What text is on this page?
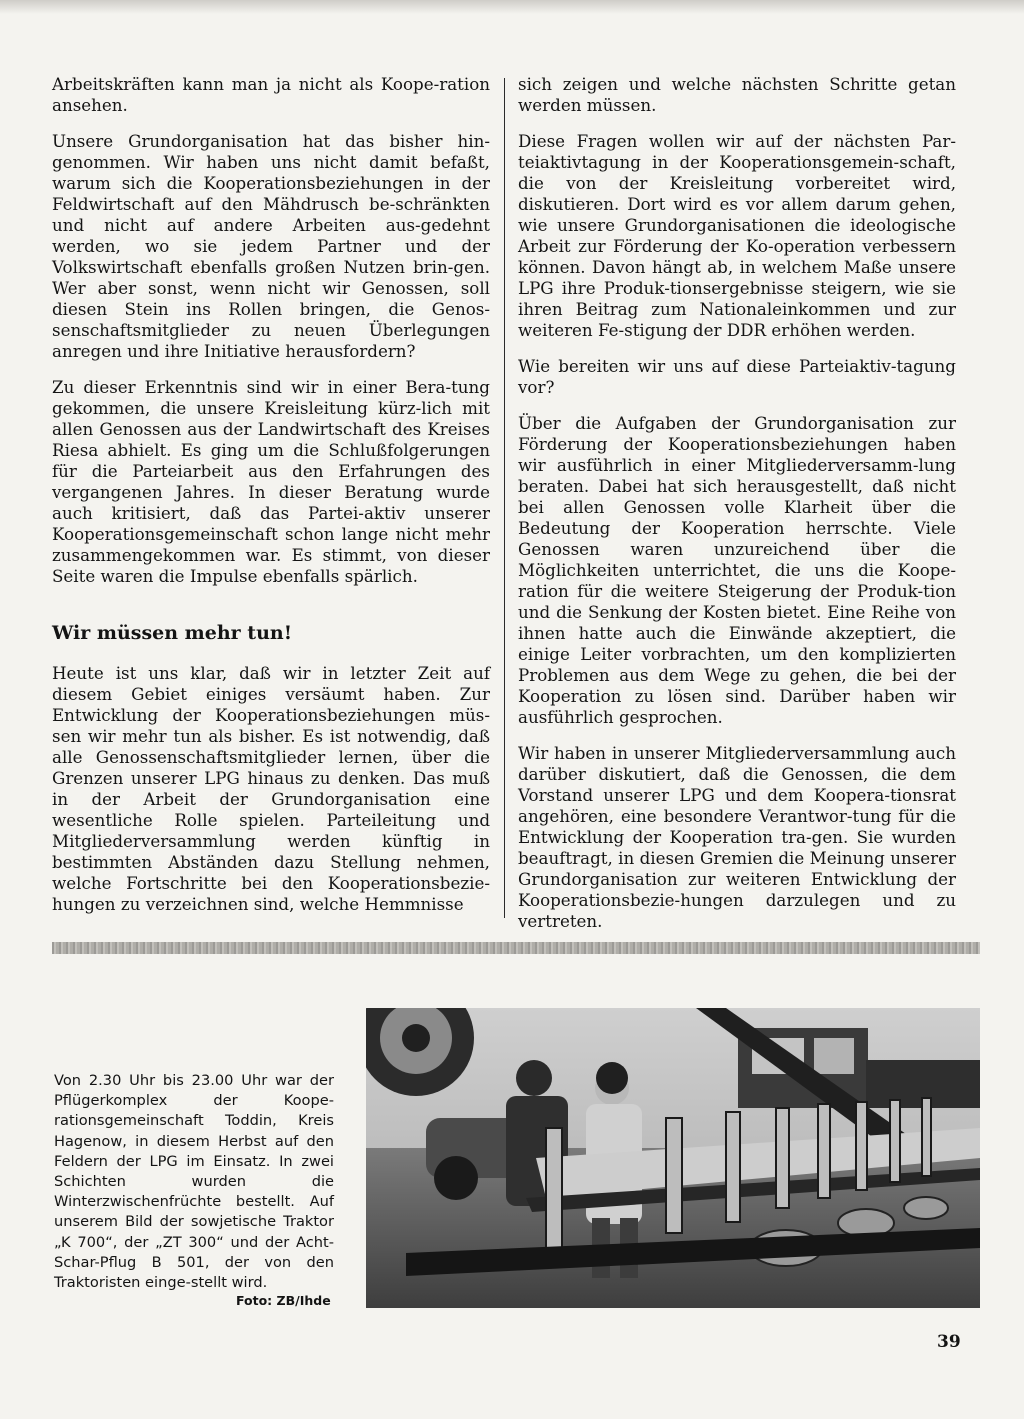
Arbeitskräften kann man ja nicht als Koope-ration ansehen.

Unsere Grundorganisation hat das bisher hin-genommen. Wir haben uns nicht damit befaßt, warum sich die Kooperationsbeziehungen in der Feldwirtschaft auf den Mähdrusch be-schränkten und nicht auf andere Arbeiten aus-gedehnt werden, wo sie jedem Partner und der Volkswirtschaft ebenfalls großen Nutzen brin-gen. Wer aber sonst, wenn nicht wir Genossen, soll diesen Stein ins Rollen bringen, die Genos-senschaftsmitglieder zu neuen Überlegungen anregen und ihre Initiative herausfordern?

Zu dieser Erkenntnis sind wir in einer Bera-tung gekommen, die unsere Kreisleitung kürz-lich mit allen Genossen aus der Landwirtschaft des Kreises Riesa abhielt. Es ging um die Schlußfolgerungen für die Parteiarbeit aus den Erfahrungen des vergangenen Jahres. In dieser Beratung wurde auch kritisiert, daß das Partei-aktiv unserer Kooperationsgemeinschaft schon lange nicht mehr zusammengekommen war. Es stimmt, von dieser Seite waren die Impulse ebenfalls spärlich.

Wir müssen mehr tun!

Heute ist uns klar, daß wir in letzter Zeit auf diesem Gebiet einiges versäumt haben. Zur Entwicklung der Kooperationsbeziehungen müs-sen wir mehr tun als bisher. Es ist notwendig, daß alle Genossenschaftsmitglieder lernen, über die Grenzen unserer LPG hinaus zu denken. Das muß in der Arbeit der Grundorganisation eine wesentliche Rolle spielen. Parteileitung und Mitgliederversammlung werden künftig in bestimmten Abständen dazu Stellung nehmen, welche Fortschritte bei den Kooperationsbezie-hungen zu verzeichnen sind, welche Hemmnisse

sich zeigen und welche nächsten Schritte getan werden müssen.

Diese Fragen wollen wir auf der nächsten Par-teiaktivtagung in der Kooperationsgemein-schaft, die von der Kreisleitung vorbereitet wird, diskutieren. Dort wird es vor allem darum gehen, wie unsere Grundorganisationen die ideologische Arbeit zur Förderung der Ko-operation verbessern können. Davon hängt ab, in welchem Maße unsere LPG ihre Produk-tionsergebnisse steigern, wie sie ihren Beitrag zum Nationaleinkommen und zur weiteren Fe-stigung der DDR erhöhen werden.

Wie bereiten wir uns auf diese Parteiaktiv-tagung vor?

Über die Aufgaben der Grundorganisation zur Förderung der Kooperationsbeziehungen haben wir ausführlich in einer Mitgliederversamm-lung beraten. Dabei hat sich herausgestellt, daß nicht bei allen Genossen volle Klarheit über die Bedeutung der Kooperation herrschte. Viele Genossen waren unzureichend über die Möglichkeiten unterrichtet, die uns die Koope-ration für die weitere Steigerung der Produk-tion und die Senkung der Kosten bietet. Eine Reihe von ihnen hatte auch die Einwände akzeptiert, die einige Leiter vorbrachten, um den komplizierten Problemen aus dem Wege zu gehen, die bei der Kooperation zu lösen sind. Darüber haben wir ausführlich gesprochen.

Wir haben in unserer Mitgliederversammlung auch darüber diskutiert, daß die Genossen, die dem Vorstand unserer LPG und dem Koopera-tionsrat angehören, eine besondere Verantwor-tung für die Entwicklung der Kooperation tra-gen. Sie wurden beauftragt, in diesen Gremien die Meinung unserer Grundorganisation zur weiteren Entwicklung der Kooperationsbezie-hungen darzulegen und zu vertreten.

Von 2.30 Uhr bis 23.00 Uhr war der Pflügerkomplex der Koope-rationsgemeinschaft Toddin, Kreis Hagenow, in diesem Herbst auf den Feldern der LPG im Einsatz. In zwei Schichten wurden die Winterzwischenfrüchte bestellt. Auf unserem Bild der sowjetische Traktor „K 700“, der „ZT 300“ und der Acht-Schar-Pflug B 501, der von den Traktoristen einge-stellt wird.

Foto: ZB/Ihde
39
